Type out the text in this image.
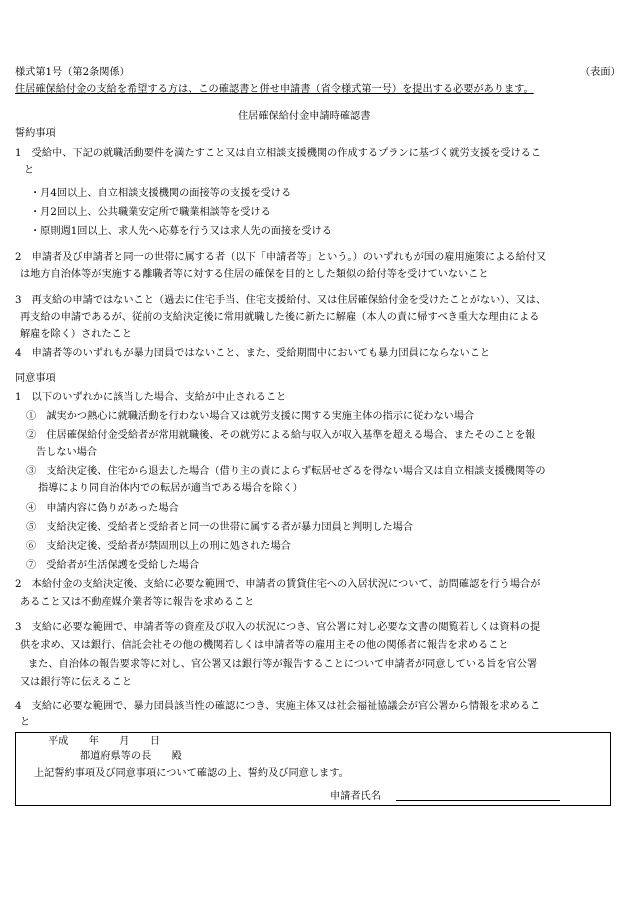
様式第1号（第2条関係）	（表面）
住居確保給付金の支給を希望する方は、この確認書と併せ申請書（省令様式第一号）を提出する必要があります。
住居確保給付金申請時確認書
誓約事項
1　受給中、下記の就職活動要件を満たすこと又は自立相談支援機関の作成するプランに基づく就労支援を受けるこ
と
・月4回以上、自立相談支援機関の面接等の支援を受ける
・月2回以上、公共職業安定所で職業相談等を受ける
・原則週1回以上、求人先へ応募を行う又は求人先の面接を受ける
2　申請者及び申請者と同一の世帯に属する者（以下「申請者等」という。）のいずれもが国の雇用施策による給付又
は地方自治体等が実施する離職者等に対する住居の確保を目的とした類似の給付等を受けていないこと
3　再支給の申請ではないこと（過去に住宅手当、住宅支援給付、又は住居確保給付金を受けたことがない）、又は、
再支給の申請であるが、従前の支給決定後に常用就職した後に新たに解雇（本人の責に帰すべき重大な理由による
解雇を除く）されたこと
4　申請者等のいずれもが暴力団員ではないこと、また、受給期間中においても暴力団員にならないこと
同意事項
1　以下のいずれかに該当した場合、支給が中止されること
①　誠実かつ熱心に就職活動を行わない場合又は就労支援に関する実施主体の指示に従わない場合
②　住居確保給付金受給者が常用就職後、その就労による給与収入が収入基準を超える場合、またそのことを報
告しない場合
③　支給決定後、住宅から退去した場合（借り主の責によらず転居せざるを得ない場合又は自立相談支援機関等の
指導により同自治体内での転居が適当である場合を除く）
④　申請内容に偽りがあった場合
⑤　支給決定後、受給者と受給者と同一の世帯に属する者が暴力団員と判明した場合
⑥　支給決定後、受給者が禁固刑以上の刑に処された場合
⑦　受給者が生活保護を受給した場合
2　本給付金の支給決定後、支給に必要な範囲で、申請者の賃貸住宅への入居状況について、訪問確認を行う場合が
あること又は不動産媒介業者等に報告を求めること
3　支給に必要な範囲で、申請者等の資産及び収入の状況につき、官公署に対し必要な文書の閲覧若しくは資料の提
供を求め、又は銀行、信託会社その他の機関若しくは申請者等の雇用主その他の関係者に報告を求めること
また、自治体の報告要求等に対し、官公署又は銀行等が報告することについて申請者が同意している旨を官公署
又は銀行等に伝えること
4　支給に必要な範囲で、暴力団員該当性の確認につき、実施主体又は社会福祉協議会が官公署から情報を求めるこ
と
平成　　年　　月　　日
都道府県等の長　　殿
上記誓約事項及び同意事項について確認の上、誓約及び同意します。
申請者氏名
